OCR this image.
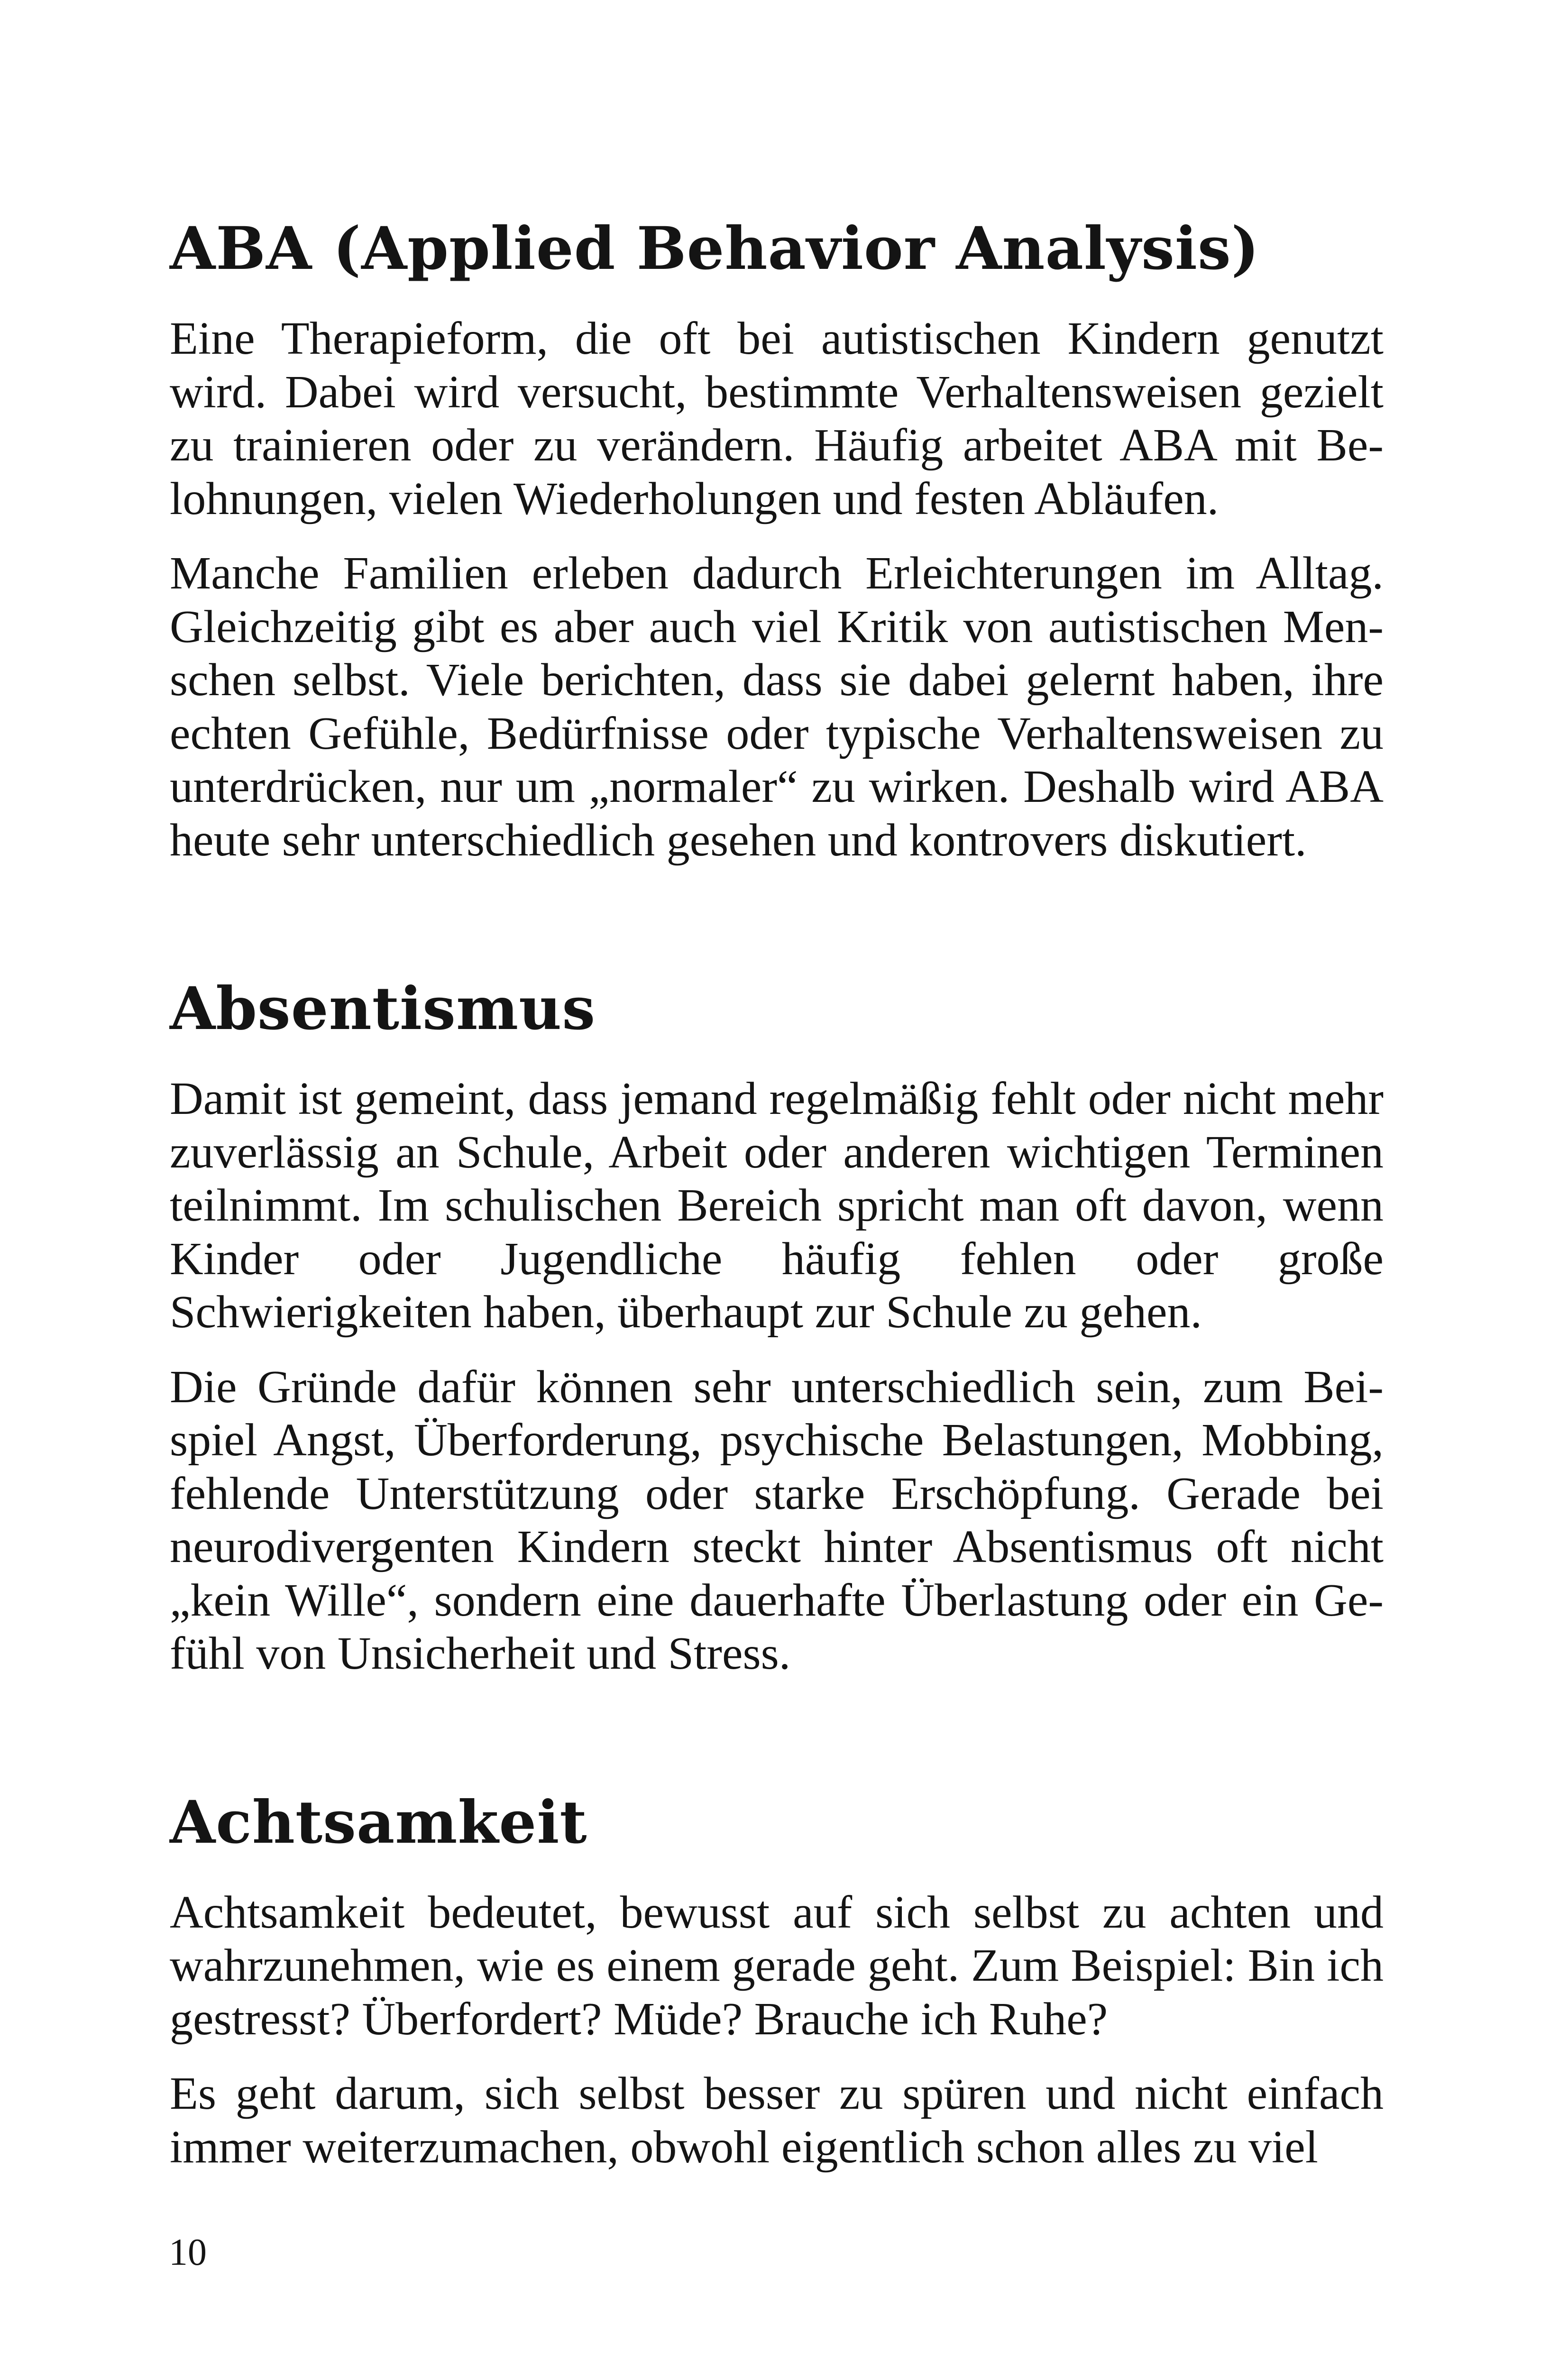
ABA (Applied Behavior Analysis)

Eine Therapieform, die oft bei autistischen Kindern genutzt wird. Dabei wird versucht, bestimmte Verhaltensweisen gezielt zu trainieren oder zu verändern. Häufig arbeitet ABA mit Belohnungen, vielen Wiederholungen und festen Abläufen.

Manche Familien erleben dadurch Erleichterungen im Alltag. Gleichzeitig gibt es aber auch viel Kritik von autistischen Menschen selbst. Viele berichten, dass sie dabei gelernt haben, ihre echten Gefühle, Bedürfnisse oder typische Verhaltensweisen zu unterdrücken, nur um „normaler“ zu wirken. Deshalb wird ABA heute sehr unterschiedlich gesehen und kontrovers diskutiert.

Absentismus

Damit ist gemeint, dass jemand regelmäßig fehlt oder nicht mehr zuverlässig an Schule, Arbeit oder anderen wichtigen Terminen teilnimmt. Im schulischen Bereich spricht man oft davon, wenn Kinder oder Jugendliche häufig fehlen oder große Schwierigkeiten haben, überhaupt zur Schule zu gehen.

Die Gründe dafür können sehr unterschiedlich sein, zum Beispiel Angst, Überforderung, psychische Belastungen, Mobbing, fehlende Unterstützung oder starke Erschöpfung. Gerade bei neurodivergenten Kindern steckt hinter Absentismus oft nicht „kein Wille“, sondern eine dauerhafte Überlastung oder ein Gefühl von Unsicherheit und Stress.

Achtsamkeit

Achtsamkeit bedeutet, bewusst auf sich selbst zu achten und wahrzunehmen, wie es einem gerade geht. Zum Beispiel: Bin ich gestresst? Überfordert? Müde? Brauche ich Ruhe?

Es geht darum, sich selbst besser zu spüren und nicht einfach immer weiterzumachen, obwohl eigentlich schon alles zu viel

10
